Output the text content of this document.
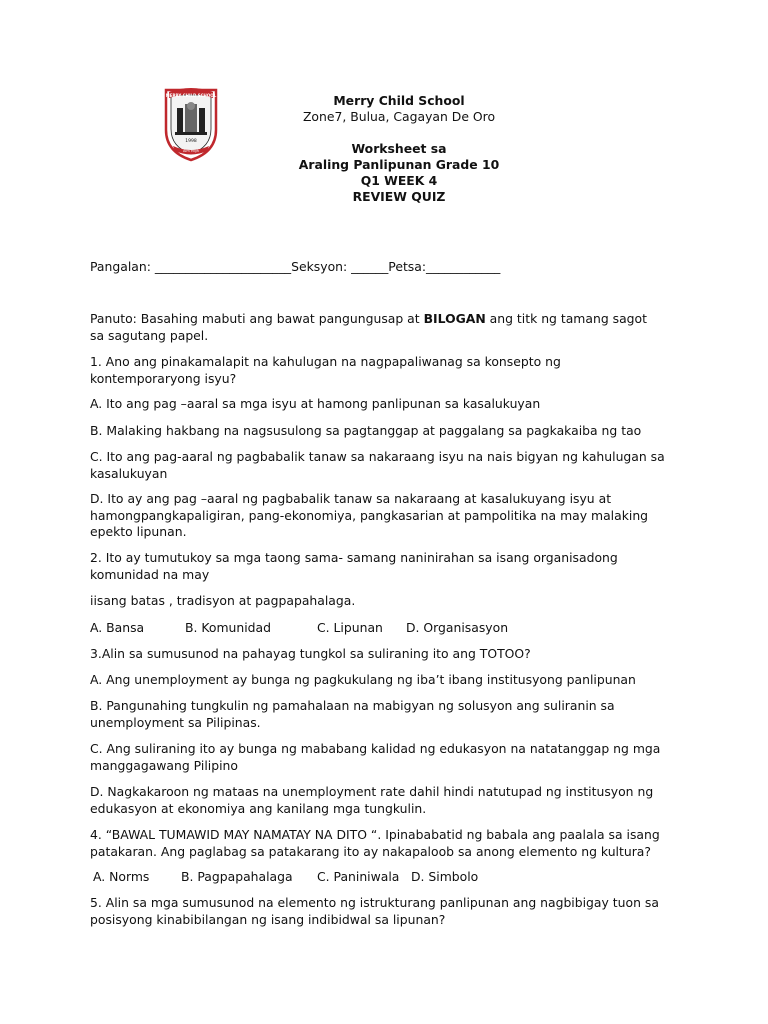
MERRY CHILD SCHOOL
1998
Aim High
Merry Child School
Zone7, Bulua, Cagayan De Oro
Worksheet sa
Araling Panlipunan Grade 10
Q1 WEEK 4
REVIEW QUIZ
Pangalan: ______________________Seksyon: ______Petsa:____________
Panuto: Basahing mabuti ang bawat pangungusap at BILOGAN ang titk ng tamang sagot sa sagutang papel.
1. Ano ang pinakamalapit na kahulugan na nagpapaliwanag sa konsepto ng kontemporaryong isyu?
A. Ito ang pag –aaral sa mga isyu at hamong panlipunan sa kasalukuyan
B. Malaking hakbang na nagsusulong sa pagtanggap at paggalang sa pagkakaiba ng tao
C. Ito ang pag-aaral ng pagbabalik tanaw sa nakaraang isyu na nais bigyan ng kahulugan sa kasalukuyan
D. Ito ay ang pag –aaral ng pagbabalik tanaw sa nakaraang at kasalukuyang isyu at hamongpangkapaligiran, pang-ekonomiya, pangkasarian at pampolitika na may malaking epekto lipunan.
2. Ito ay tumutukoy sa mga taong sama- samang naninirahan sa isang organisadong komunidad na may
iisang batas , tradisyon at pagpapahalaga.
A. Bansa	B. Komunidad	C. Lipunan D. Organisasyon
3.Alin sa sumusunod na pahayag tungkol sa suliraning ito ang TOTOO?
A. Ang unemployment ay bunga ng pagkukulang ng iba’t ibang institusyong panlipunan
B. Pangunahing tungkulin ng pamahalaan na mabigyan ng solusyon ang suliranin sa unemployment sa Pilipinas.
C. Ang suliraning ito ay bunga ng mababang kalidad ng edukasyon na natatanggap ng mga manggagawang Pilipino
D. Nagkakaroon ng mataas na unemployment rate dahil hindi natutupad ng institusyon ng edukasyon at ekonomiya ang kanilang mga tungkulin.
4. “BAWAL TUMAWID MAY NAMATAY NA DITO “. Ipinababatid ng babala ang paalala sa isang patakaran. Ang paglabag sa patakarang ito ay nakapaloob sa anong elemento ng kultura?
A. Norms	B. Pagpapahalaga C. Paniniwala D. Simbolo
5. Alin sa mga sumusunod na elemento ng istrukturang panlipunan ang nagbibigay tuon sa posisyong kinabibilangan ng isang indibidwal sa lipunan?
